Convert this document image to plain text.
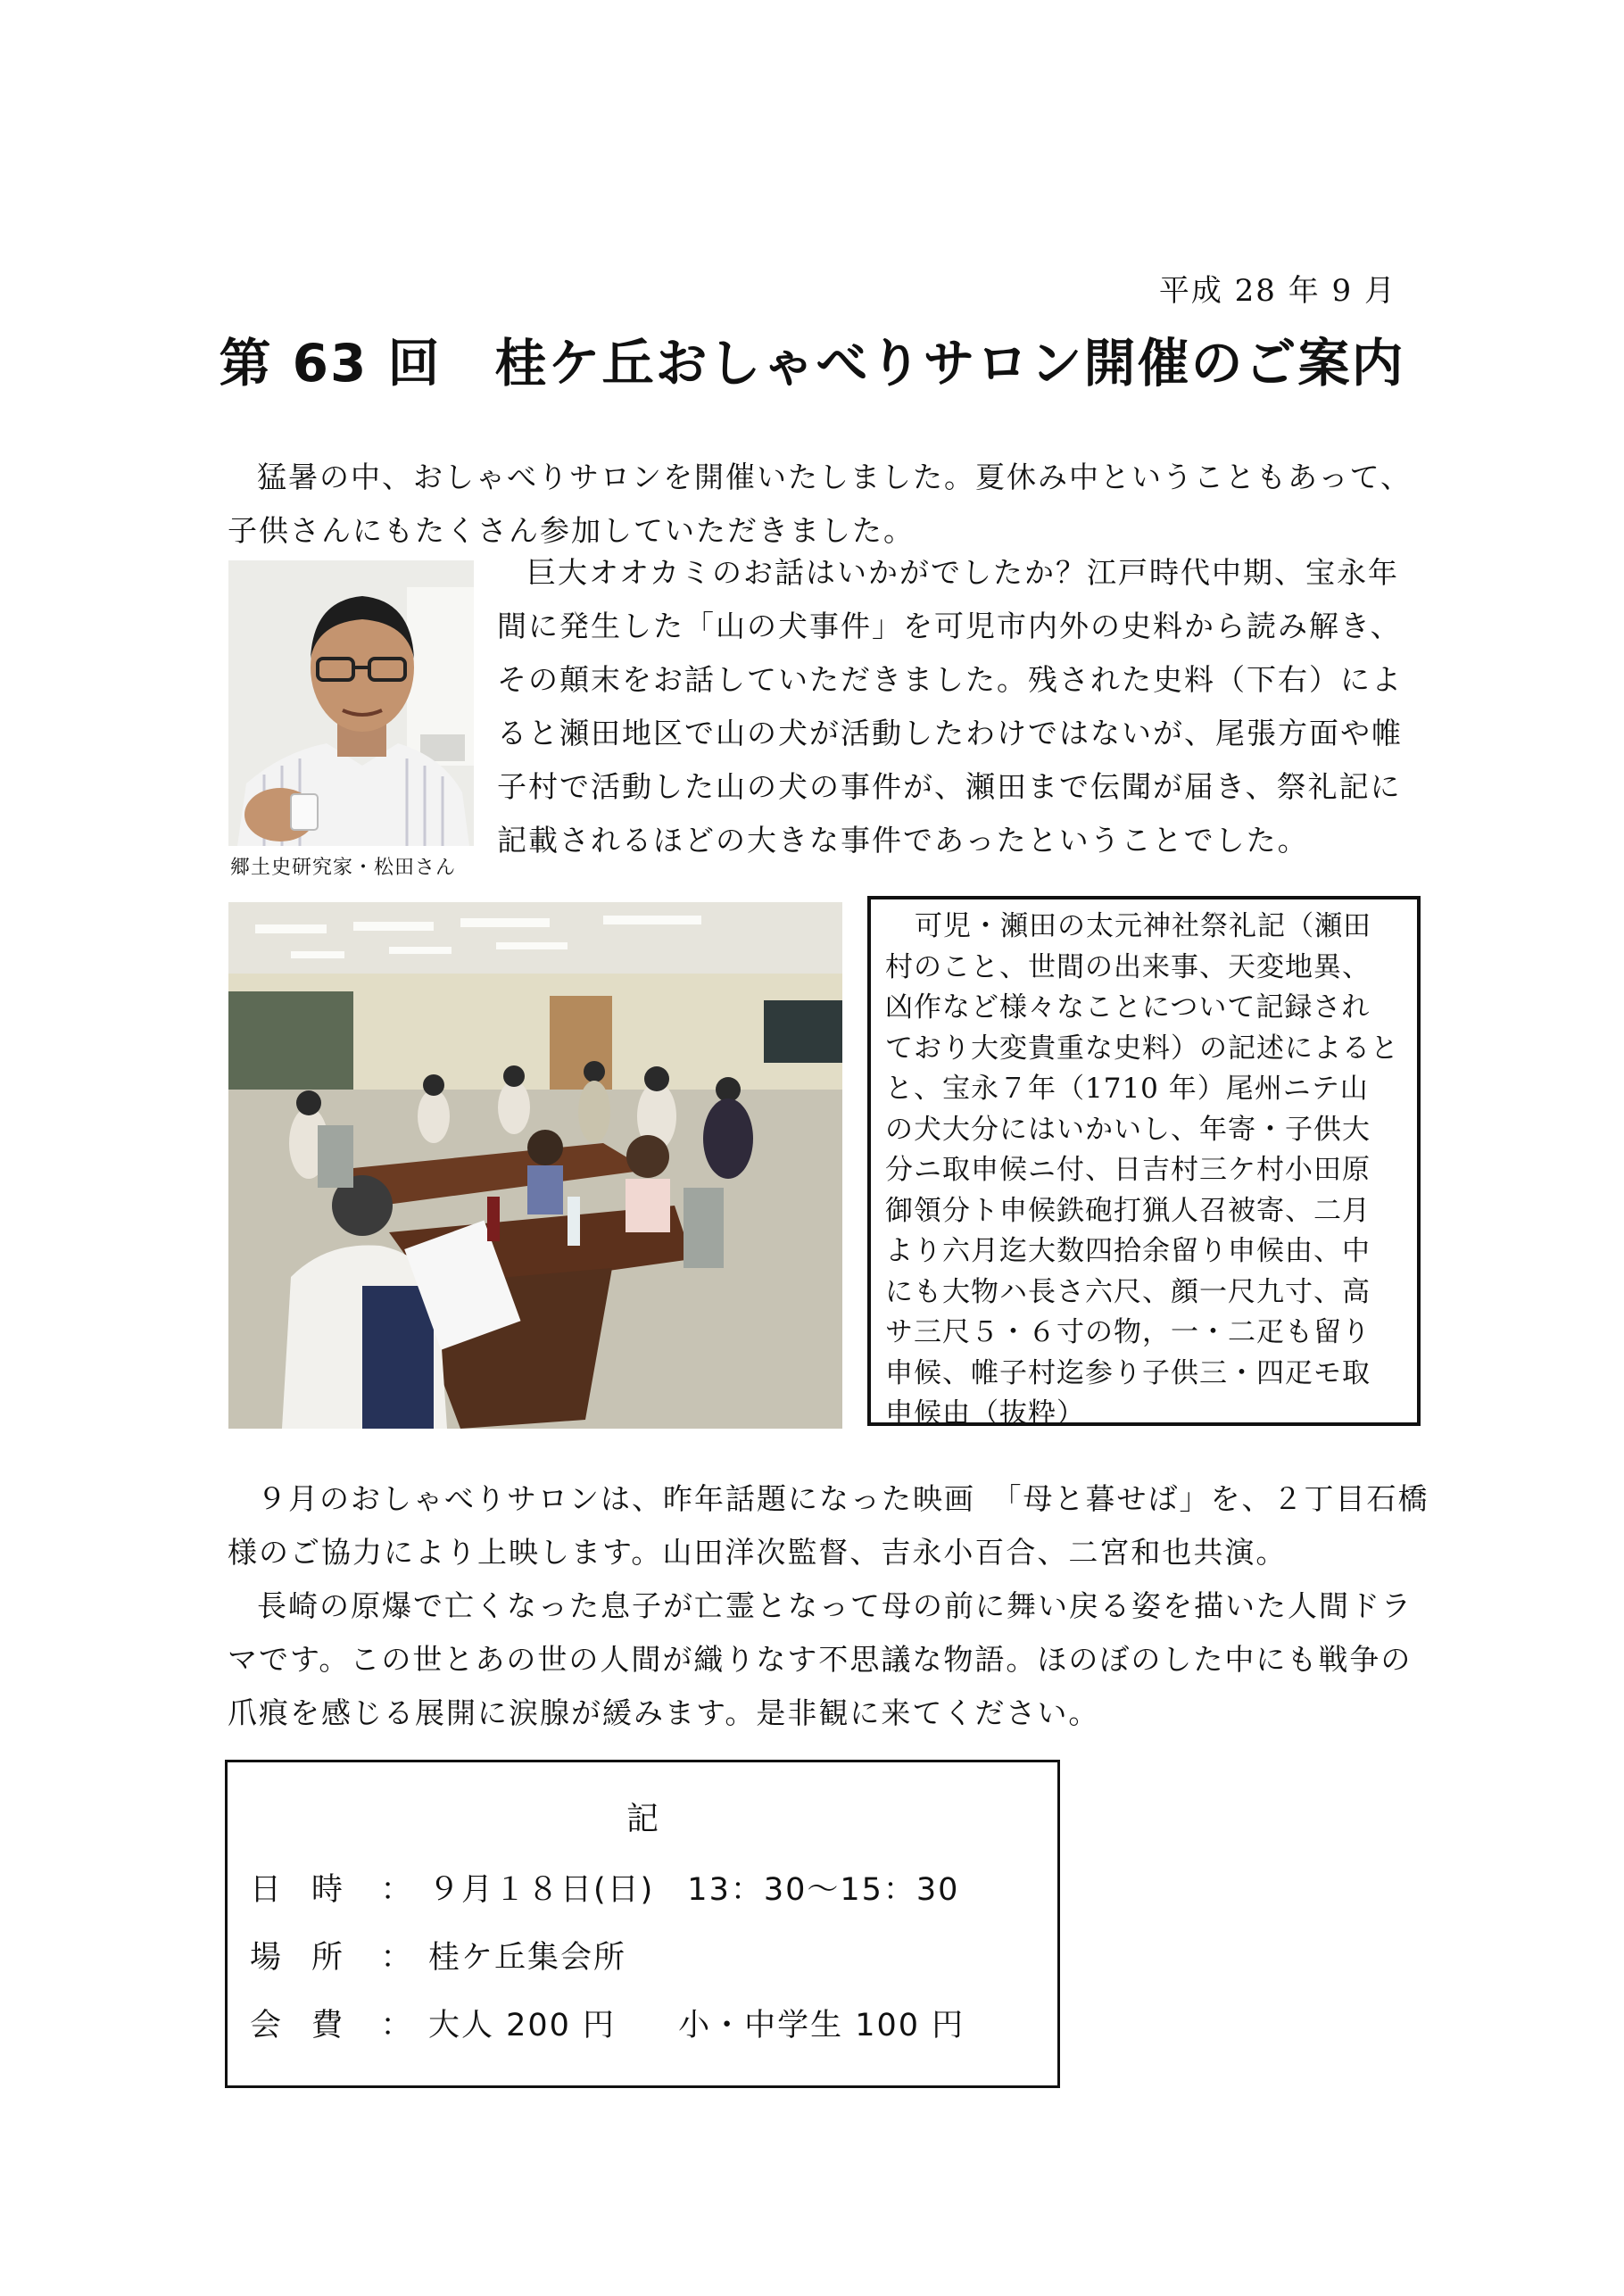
平成 28 年 9 月
第 63 回　桂ケ丘おしゃべりサロン開催のご案内
猛暑の中、おしゃべりサロンを開催いたしました。夏休み中ということもあって、
子供さんにもたくさん参加していただきました。
郷土史研究家・松田さん
巨大オオカミのお話はいかがでしたか？江戸時代中期、宝永年
間に発生した「山の犬事件」を可児市内外の史料から読み解き、
その顛末をお話していただきました。残された史料（下右）によ
ると瀬田地区で山の犬が活動したわけではないが、尾張方面や帷
子村で活動した山の犬の事件が、瀬田まで伝聞が届き、祭礼記に
記載されるほどの大きな事件であったということでした。
可児・瀬田の太元神社祭礼記（瀬田
村のこと、世間の出来事、天変地異、
凶作など様々なことについて記録され
ており大変貴重な史料）の記述によると
と、宝永７年（1710 年）尾州ニテ山
の犬大分にはいかいし、年寄・子供大
分ニ取申候ニ付、日吉村三ケ村小田原
御領分ト申候鉄砲打猟人召被寄、二月
より六月迄大数四拾余留り申候由、中
にも大物ハ長さ六尺、顔一尺九寸、高
サ三尺５・６寸の物，一・二疋も留り
申候、帷子村迄参り子供三・四疋モ取
申候由（抜粋）
９月のおしゃべりサロンは、昨年話題になった映画　「母と暮せば」を、２丁目石橋
様のご協力により上映します。山田洋次監督、吉永小百合、二宮和也共演。
長崎の原爆で亡くなった息子が亡霊となって母の前に舞い戻る姿を描いた人間ドラ
マです。この世とあの世の人間が織りなす不思議な物語。ほのぼのした中にも戦争の
爪痕を感じる展開に涙腺が緩みます。是非観に来てください。
記
日時 ： ９月１８日(日)　13：30〜15：30
場所 ： 桂ケ丘集会所
会費 ： 大人 200 円 小・中学生 100 円
